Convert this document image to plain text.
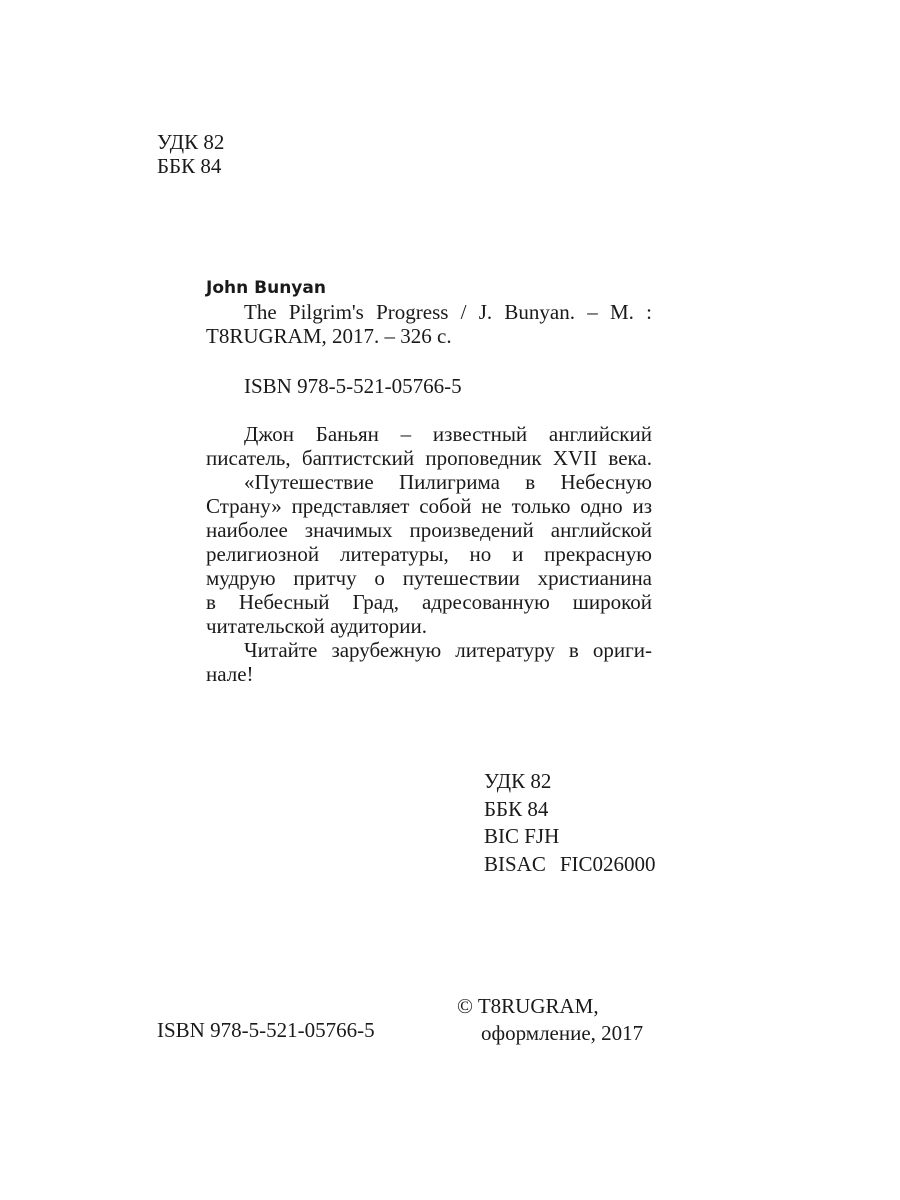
УДК 82
ББК 84
John Bunyan
The Pilgrim's Progress / J. Bunyan. – M. :
T8RUGRAM, 2017. – 326 c.
ISBN 978-5-521-05766-5
Джон Баньян – известный английский
писатель, баптистский проповедник XVII века.
«Путешествие Пилигрима в Небесную
Страну» представляет собой не только одно из
наиболее значимых произведений английской
религиозной литературы, но и прекрасную
мудрую притчу о путешествии христианина
в Небесный Град, адресованную широкой
читательской аудитории.
Читайте зарубежную литературу в ориги-
нале!
УДК 82
ББК 84
BIC FJH
BISAC FIC026000
© T8RUGRAM,
оформление, 2017
ISBN 978-5-521-05766-5
